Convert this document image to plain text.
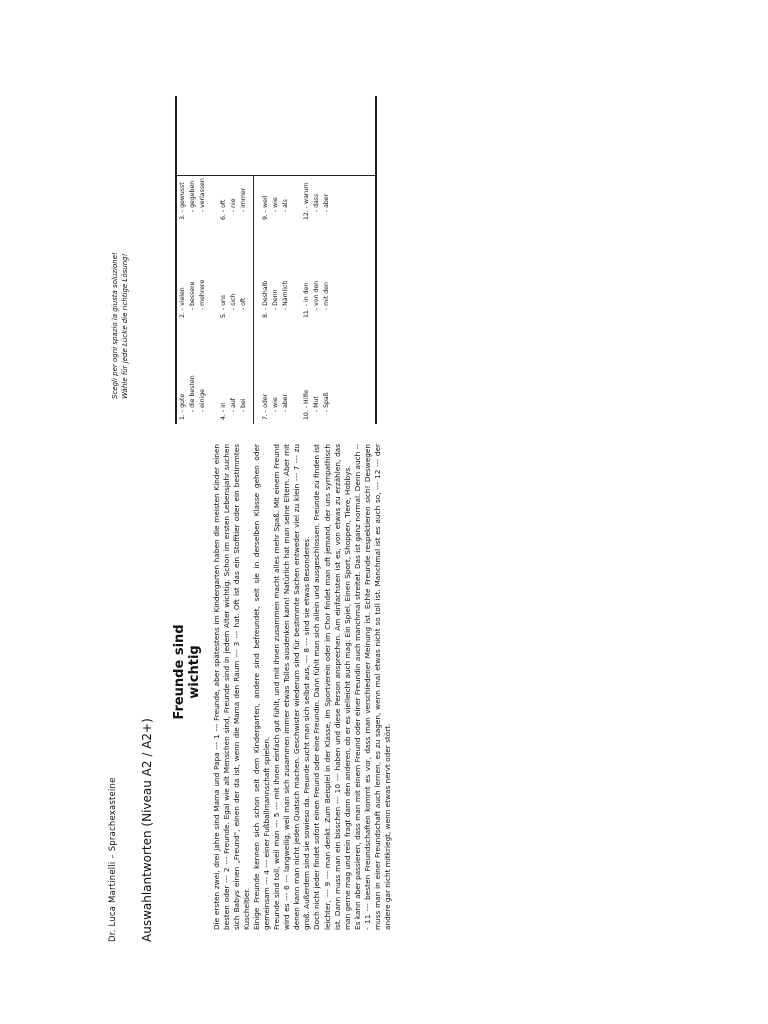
Dr. Luca Martinelli – Sprachexasteine Auswahlantworten (Niveau A2 / A2+)
Freunde sind wichtig Die ersten zwei, drei Jahre sind Mama und Papa --- 1 --- Freunde, aber spätestens im Kindergarten haben die meisten Kinder einen besten oder --- 2 --- Freunde. Egal wie alt Menschen sind, Freunde sind in jedem Alter wichtig. Schon im ersten Lebensjahr suchen sich Babys einen „Freund", einen der da ist, wenn die Mama den Raum --- 3 --- hat. Oft ist das ein Stofftier oder ein bestimmtes Kuscheltier. Einige Freunde kennen sich schon seit dem Kindergarten, andere sind befreundet, seit sie in derselben Klasse gehen oder gemeinsam --- 4 --- einer Fußballmannschaft spielen. Freunde sind toll, weil man --- 5 --- mit ihnen einfach gut fühlt, und mit ihnen zusammen macht alles mehr Spaß. Mit einem Freund wird es --- 6 --- langweilig, weil man sich zusammen immer etwas Tolles ausdenken kann! Natürlich hat man seine Eltern. Aber mit denen kann man nicht jeden Quatsch machen. Geschwister wiederum sind für bestimmte Sachen entweder viel zu klein --- 7 --- zu groß. Außerdem sind sie sowieso da. Freunde sucht man sich selbst aus, --- 8 --- sind sie etwas Besonderes. Doch nicht jeder findet sofort einen Freund oder eine Freundin. Dann fühlt man sich allein und ausgeschlossen. Freunde zu finden ist leichter, --- 9 --- man denkt. Zum Beispiel in der Klasse, im Sportverein oder im Chor findet man oft jemand, der uns sympathisch ist. Dann muss man ein bisschen --- 10 --- haben und diese Person ansprechen. Am einfachsten ist es, von etwas zu erzählen, das man gerne mag und rein fragt dann den anderen, ob er es vielleicht auch mag: Ein Spiel, Einen Sport, Shoppen, Tiere, Hobbys. Es kann aber passieren, dass man mit einem Freund oder einer Freundin auch manchmal streitet. Das ist ganz normal. Denn auch --- 11 --- besten Freundschaften kommt es vor, dass man verschiedener Meinung ist. Echte Freunde respektieren sich! Deswegen muss man in einer Freundschaft auch lernen, es zu sagen, wenn mal etwas nicht so toll ist. Manchmal ist es auch so, --- 12 --- der andere gar nicht mitkriegt, wenn etwas nervt oder stört.

Scegli per ogni spazio la giusta soluzione! Wähle für jede Lücke die richtige Lösung!
1. - gute
- die besten
- einige
4. - in
- auf
- bei
7. - oder
- wie
- aber
10. - Hilfe
- Mut
- Spaß
2. - vielen
- bessere
- mehrere
5. - uns
- sich
- oft
8. - Deshalb
- Denn
- Nämlich
11. - in den
- von den
- mit den
3. - gewusst
- gegeben
- verlassen
6. - oft
- nie
- immer
9. - weil
- wie
- als
12. - warum
- dass
- aber
